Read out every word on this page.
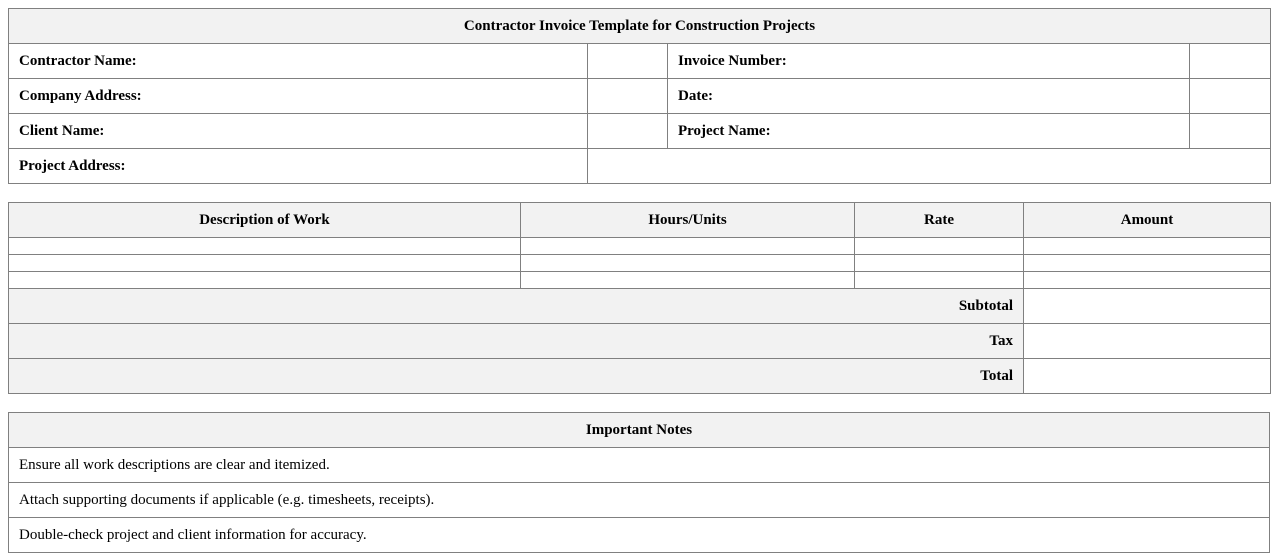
Contractor Invoice Template for Construction Projects			
Contractor Name:		Invoice Number:	
Company Address:		Date:	
Client Name:		Project Name:	
Project Address:			
Description of Work	Hours/Units	Rate	Amount

Subtotal			
Tax			
Total			
Important Notes
Ensure all work descriptions are clear and itemized.
Attach supporting documents if applicable (e.g. timesheets, receipts).
Double-check project and client information for accuracy.
